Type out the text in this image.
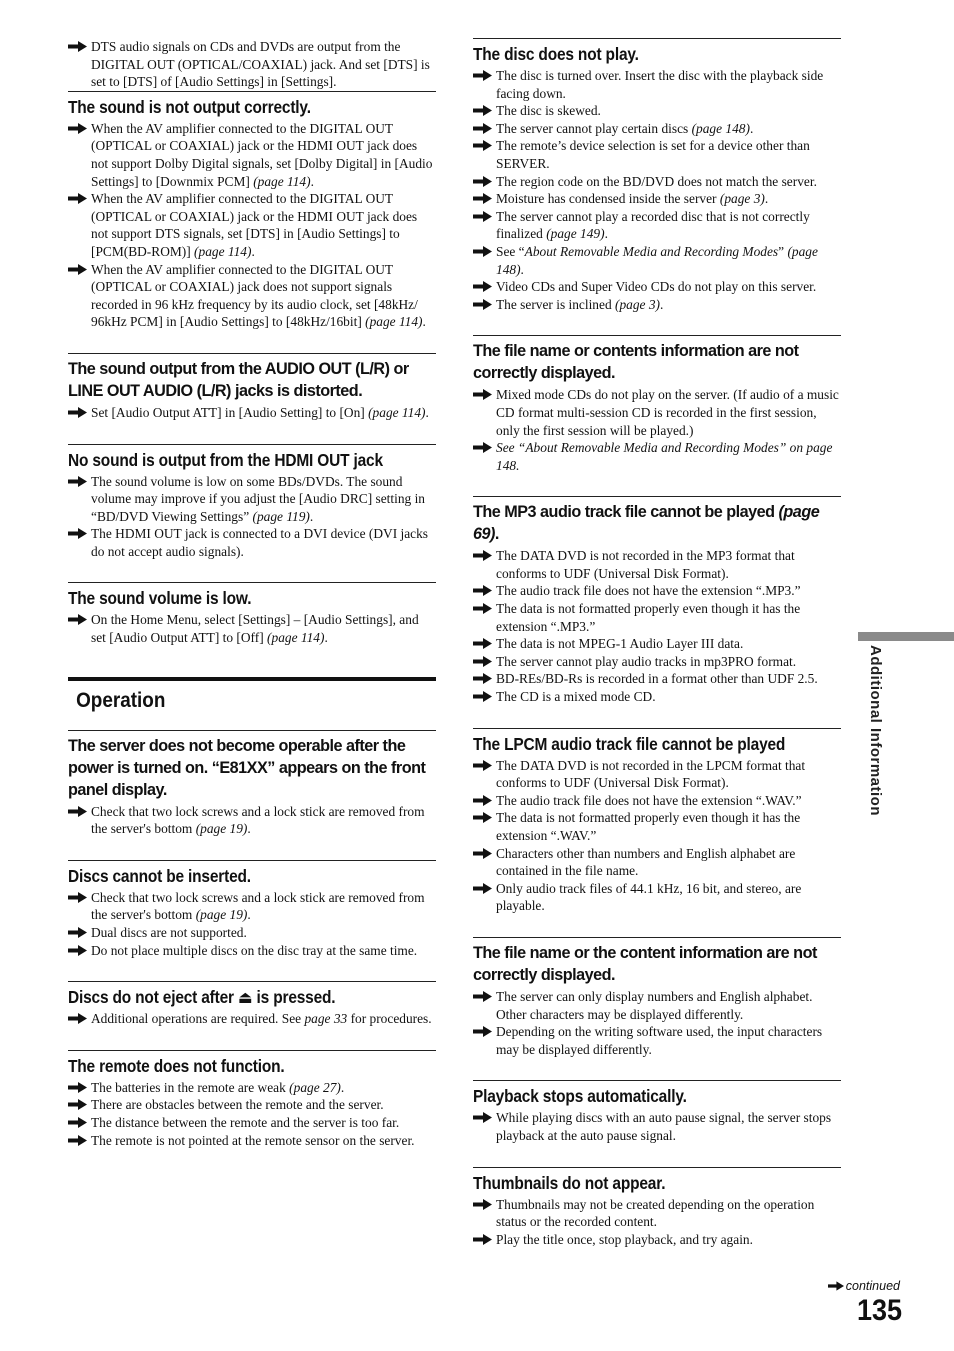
DTS audio signals on CDs and DVDs are output from the DIGITAL OUT (OPTICAL/COAXIAL) jack. And set [DTS] is set to [DTS] of [Audio Settings] in [Settings].
The sound is not output correctly.
When the AV amplifier connected to the DIGITAL OUT (OPTICAL or COAXIAL) jack or the HDMI OUT jack does not support Dolby Digital signals, set [Dolby Digital] in [Audio Settings] to [Downmix PCM] (page 114).
When the AV amplifier connected to the DIGITAL OUT (OPTICAL or COAXIAL) jack or the HDMI OUT jack does not support DTS signals, set [DTS] in [Audio Settings] to [PCM(BD-ROM)] (page 114).
When the AV amplifier connected to the DIGITAL OUT (OPTICAL or COAXIAL) jack does not support signals recorded in 96 kHz frequency by its audio clock, set [48kHz/ 96kHz PCM] in [Audio Settings] to [48kHz/16bit] (page 114).
The sound output from the AUDIO OUT (L/R) or LINE OUT AUDIO (L/R) jacks is distorted.
Set [Audio Output ATT] in [Audio Setting] to [On] (page 114).
No sound is output from the HDMI OUT jack
The sound volume is low on some BDs/DVDs. The sound volume may improve if you adjust the [Audio DRC] setting in “BD/DVD Viewing Settings” (page 119).
The HDMI OUT jack is connected to a DVI device (DVI jacks do not accept audio signals).
The sound volume is low.
On the Home Menu, select [Settings] – [Audio Settings], and set [Audio Output ATT] to [Off] (page 114).
Operation
The server does not become operable after the power is turned on. “E81XX” appears on the front panel display.
Check that two lock screws and a lock stick are removed from the server's bottom (page 19).
Discs cannot be inserted.
Check that two lock screws and a lock stick are removed from the server's bottom (page 19).
Dual discs are not supported.
Do not place multiple discs on the disc tray at the same time.
Discs do not eject after ⏏ is pressed.
Additional operations are required. See page 33 for procedures.
The remote does not function.
The batteries in the remote are weak (page 27).
There are obstacles between the remote and the server.
The distance between the remote and the server is too far.
The remote is not pointed at the remote sensor on the server.
The disc does not play.
The disc is turned over. Insert the disc with the playback side facing down.
The disc is skewed.
The server cannot play certain discs (page 148).
The remote’s device selection is set for a device other than SERVER.
The region code on the BD/DVD does not match the server.
Moisture has condensed inside the server (page 3).
The server cannot play a recorded disc that is not correctly finalized (page 149).
See “About Removable Media and Recording Modes” (page 148).
Video CDs and Super Video CDs do not play on this server.
The server is inclined (page 3).
The file name or contents information are not correctly displayed.
Mixed mode CDs do not play on the server. (If audio of a music CD format multi-session CD is recorded in the first session, only the first session will be played.)
See “About Removable Media and Recording Modes” on page 148.
The MP3 audio track file cannot be played (page 69).
The DATA DVD is not recorded in the MP3 format that conforms to UDF (Universal Disk Format).
The audio track file does not have the extension “.MP3.”
The data is not formatted properly even though it has the extension “.MP3.”
The data is not MPEG-1 Audio Layer III data.
The server cannot play audio tracks in mp3PRO format.
BD-REs/BD-Rs is recorded in a format other than UDF 2.5.
The CD is a mixed mode CD.
The LPCM audio track file cannot be played
The DATA DVD is not recorded in the LPCM format that conforms to UDF (Universal Disk Format).
The audio track file does not have the extension “.WAV.”
The data is not formatted properly even though it has the extension “.WAV.”
Characters other than numbers and English alphabet are contained in the file name.
Only audio track files of 44.1 kHz, 16 bit, and stereo, are playable.
The file name or the content information are not correctly displayed.
The server can only display numbers and English alphabet. Other characters may be displayed differently.
Depending on the writing software used, the input characters may be displayed differently.
Playback stops automatically.
While playing discs with an auto pause signal, the server stops playback at the auto pause signal.
Thumbnails do not appear.
Thumbnails may not be created depending on the operation status or the recorded content.
Play the title once, stop playback, and try again.
Additional Information
continued
135
